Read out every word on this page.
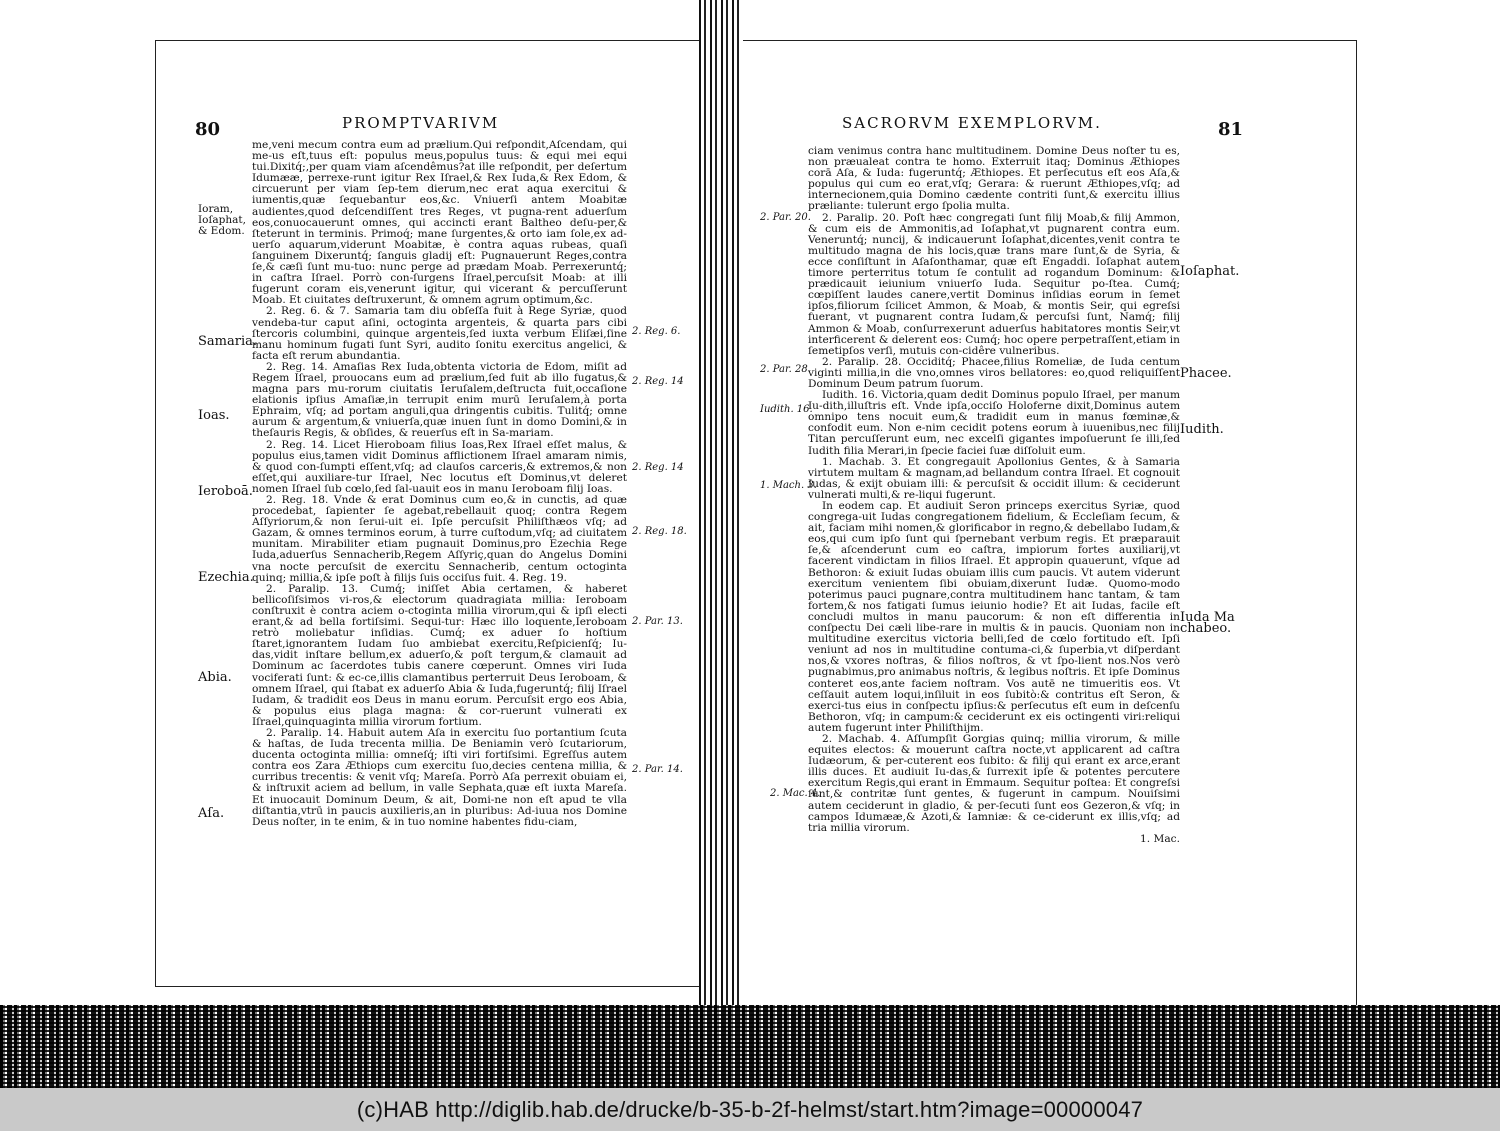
80	PROMPTVARIVM

me,veni mecum contra eum ad prælium.Qui reſpondit,Aſcendam, qui me-us eſt,tuus eſt: populus meus,populus tuus: & equi mei equi tui.Dixitq́;,per quam viam aſcendêmus?at ille reſpondit, per deſertum Idumææ, perrexe-runt igitur Rex Iſrael,& Rex Iuda,& Rex Edom, & circuerunt per viam ſep-tem dierum,nec erat aqua exercitui & iumentis,quæ ſequebantur eos,&c. Vniuerſi antem Moabitæ audientes,quod deſcendiſſent tres Reges, vt pugna-rent aduerſum eos,conuocauerunt omnes, qui accincti erant Baltheo deſu-per,& ſteterunt in terminis. Primoq́; mane ſurgentes,& orto iam ſole,ex ad-uerſo aquarum,viderunt Moabitæ, è contra aquas rubeas, quaſi ſanguinem Dixeruntq́; ſanguis gladij eſt: Pugnauerunt Reges,contra ſe,& cæſi ſunt mu-tuo: nunc perge ad prædam Moab. Perrexeruntq́; in caſtra Iſrael. Porrò con-ſurgens Iſrael,percuſsit Moab: at illi fugerunt coram eis,venerunt igitur, qui vicerant & percuſſerunt Moab. Et ciuitates deſtruxerunt, & omnem agrum optimum,&c.

2. Reg. 6. & 7. Samaria tam diu obſeſſa fuit à Rege Syriæ, quod vendeba-tur caput aſini, octoginta argenteis, & quarta pars cibi ſtercoris columbini, quinque argenteis,ſed iuxta verbum Eliſæi,ſine manu hominum fugati ſunt Syri, audito ſonitu exercitus angelici, & facta eſt rerum abundantia.

2. Reg. 14. Amaſias Rex Iuda,obtenta victoria de Edom, miſit ad Regem Iſrael, prouocans eum ad prælium,ſed fuit ab illo fugatus,& magna pars mu-rorum ciuitatis Ieruſalem,deſtructa fuit,occaſione elationis ipſius Amaſiæ,in terrupit enim murū Ieruſalem,à porta Ephraim, vſq; ad portam anguli,qua dringentis cubitis. Tulitq́; omne aurum & argentum,& vniuerſa,quæ inuen ſunt in domo Domini,& in theſauris Regis, & obſides, & reuerſus eſt in Sa-mariam.

2. Reg. 14. Licet Hieroboam filius Ioas,Rex Iſrael eſſet malus, & populus eius,tamen vidit Dominus afflictionem Iſrael amaram nimis, & quod con-ſumpti eſſent,vſq; ad clauſos carceris,& extremos,& non eſſet,qui auxiliare-tur Iſrael, Nec locutus eſt Dominus,vt deleret nomen Iſrael ſub cœlo,ſed ſal-uauit eos in manu Ieroboam filij Ioas.

2. Reg. 18. Vnde & erat Dominus cum eo,& in cunctis, ad quæ procedebat, ſapienter ſe agebat,rebellauit quoq; contra Regem Aſſyriorum,& non ſerui-uit ei. Ipſe percuſsit Philiſthæos vſq; ad Gazam, & omnes terminos eorum, à turre cuſtodum,vſq; ad ciuitatem munitam. Mirabiliter etiam pugnauit Dominus,pro Ezechia Rege Iuda,aduerſus Sennacherib,Regem Aſſyriç,quan do Angelus Domini vna nocte percuſsit de exercitu Sennacherib, centum octoginta quinq; millia,& ipſe poſt à filijs ſuis occiſus fuit. 4. Reg. 19.

2. Paralip. 13. Cumq́; iniſſet Abia certamen, & haberet bellicoſiſsimos vi-ros,& electorum quadragiata millia: Ieroboam conſtruxit è contra aciem o-ctoginta millia virorum,qui & ipſi electi erant,& ad bella fortiſsimi. Sequi-tur: Hæc illo loquente,Ieroboam retrò moliebatur inſidias. Cumq́; ex aduer ſo hoſtium ſtaret,ignorantem Iudam ſuo ambiebat exercitu,Reſpicienſq́; Iu-das,vidit inſtare bellum,ex aduerſo,& poſt tergum,& clamauit ad Dominum ac ſacerdotes tubis canere cœperunt. Omnes viri Iuda vociferati ſunt: & ec-ce,illis clamantibus perterruit Deus Ieroboam, & omnem Iſrael, qui ſtabat ex aduerſo Abia & Iuda,fugeruntq́; filij Iſrael Iudam, & tradidit eos Deus in manu eorum. Percuſsit ergo eos Abia, & populus eius plaga magna: & cor-ruerunt vulnerati ex Iſrael,quinquaginta millia virorum fortium.

2. Paralip. 14. Habuit autem Aſa in exercitu ſuo portantium ſcuta & haſtas, de Iuda trecenta millia. De Beniamin verò ſcutariorum, ducenta octoginta millia: omneſq́; iſti viri fortiſsimi. Egreſſus autem contra eos Zara Æthiops cum exercitu ſuo,decies centena millia, & curribus trecentis: & venit vſq; Mareſa. Porrò Aſa perrexit obuiam ei, & inſtruxit aciem ad bellum, in valle Sephata,quæ eſt iuxta Mareſa. Et inuocauit Dominum Deum, & ait, Domi-ne non eſt apud te vlla diſtantia,vtrū in paucis auxilieris,an in pluribus: Ad-iuua nos Domine Deus noſter, in te enim, & in tuo nomine habentes fidu-ciam,

Ioram, Ioſaphat, & Edom.
Samaria.
Ioas.
Ieroboā.
Ezechia.
Abia.
Aſa.
2. Reg. 6.
2. Reg. 14
2. Reg. 14
2. Reg. 18.
2. Par. 13.
2. Par. 14.
SACRORVM EXEMPLORVM.	81

ciam venimus contra hanc multitudinem. Domine Deus noſter tu es, non præualeat contra te homo. Exterruit itaq; Dominus Æthiopes corā Aſa, & Iuda: fugeruntq́; Æthiopes. Et perſecutus eſt eos Aſa,& populus qui cum eo erat,vſq; Gerara: & ruerunt Æthiopes,vſq; ad internecionem,quia Domino cædente contriti ſunt,& exercitu illius præliante: tulerunt ergo ſpolia multa.

2. Paralip. 20. Poſt hæc congregati ſunt filij Moab,& filij Ammon, & cum eis de Ammonitis,ad Ioſaphat,vt pugnarent contra eum. Veneruntq́; nuncij, & indicauerunt Ioſaphat,dicentes,venit contra te multitudo magna de his locis,quæ trans mare ſunt,& de Syria, & ecce conſiſtunt in Aſaſonthamar, quæ eſt Engaddi. Ioſaphat autem timore perterritus totum ſe contulit ad rogandum Dominum: & prædicauit ieiunium vniuerſo Iuda. Sequitur po-ſtea. Cumq́; cœpiſſent laudes canere,vertit Dominus inſidias eorum in ſemet ipſos,filiorum ſcilicet Ammon, & Moab, & montis Seir, qui egreſsi fuerant, vt pugnarent contra Iudam,& percuſsi ſunt, Namq́; filij Ammon & Moab, conſurrexerunt aduerſus habitatores montis Seir,vt interficerent & delerent eos: Cumq́; hoc opere perpetraſſent,etiam in ſemetipſos verſi, mutuis con-cidêre vulneribus.

2. Paralip. 28. Occiditq́; Phacee,filius Romeliæ, de Iuda centum viginti millia,in die vno,omnes viros bellatores: eo,quod reliquiſſent Dominum Deum patrum ſuorum.

Iudith. 16. Victoria,quam dedit Dominus populo Iſrael, per manum Iu-dith,illuſtris eſt. Vnde ipſa,occiſo Holoferne dixit,Dominus autem omnipo tens nocuit eum,& tradidit eum in manus fœminæ,& confodit eum. Non e-nim cecidit potens eorum à iuuenibus,nec filij Titan percuſſerunt eum, nec excelſi gigantes impoſuerunt ſe illi,ſed Iudith filia Merari,in ſpecie faciei ſuæ diſſoluit eum.

1. Machab. 3. Et congregauit Apollonius Gentes, & à Samaria virtutem multam & magnam,ad bellandum contra Iſrael. Et cognouit Iudas, & exijt obuiam illi: & percuſsit & occidit illum: & ceciderunt vulnerati multi,& re-liqui fugerunt.

In eodem cap. Et audiuit Seron princeps exercitus Syriæ, quod congrega-uit Iudas congregationem fidelium, & Eccleſiam ſecum, & ait, faciam mihi nomen,& glorificabor in regno,& debellabo Iudam,& eos,qui cum ipſo ſunt qui ſpernebant verbum regis. Et præparauit ſe,& aſcenderunt cum eo caſtra, impiorum fortes auxiliarij,vt facerent vindictam in filios Iſrael. Et appropin quauerunt, vſque ad Bethoron: & exiuit Iudas obuiam illis cum paucis. Vt autem viderunt exercitum venientem ſibi obuiam,dixerunt Iudæ. Quomo-modo poterimus pauci pugnare,contra multitudinem hanc tantam, & tam fortem,& nos fatigati ſumus ieiunio hodie? Et ait Iudas, facile eſt concludi multos in manu paucorum: & non eſt differentia in conſpectu Dei cæli libe-rare in multis & in paucis. Quoniam non in multitudine exercitus victoria belli,ſed de cœlo fortitudo eſt. Ipſi veniunt ad nos in multitudine contuma-ci,& ſuperbia,vt diſperdant nos,& vxores noſtras, & filios noſtros, & vt ſpo-lient nos.Nos verò pugnabimus,pro animabus noſtris, & legibus noſtris. Et ipſe Dominus conteret eos,ante faciem noſtram. Vos autē ne timueritis eos. Vt ceſſauit autem loqui,inſiluit in eos ſubitò:& contritus eſt Seron, & exerci-tus eius in conſpectu ipſius:& perſecutus eſt eum in deſcenſu Bethoron, vſq; in campum:& ceciderunt ex eis octingenti viri:reliqui autem fugerunt inter Philiſthijm.

2. Machab. 4. Aſſumpſit Gorgias quinq; millia virorum, & mille equites electos: & mouerunt caſtra nocte,vt applicarent ad caſtra Iudæorum, & per-cuterent eos ſubito: & filij qui erant ex arce,erant illis duces. Et audiuit Iu-das,& ſurrexit ipſe & potentes percutere exercitum Regis,qui erant in Emmaum. Sequitur poſtea: Et congreſsi ſunt,& contritæ ſunt gentes, & fugerunt in campum. Nouiſsimi autem ceciderunt in gladio, & per-ſecuti ſunt eos Gezeron,& vſq; in campos Idumææ,& Azoti,& Iamniæ: & ce-ciderunt ex illis,vſq; ad tria millia virorum.

1. Mac.

2. Par. 20.
2. Par. 28.
Iudith. 16.
1. Mach. 3.
2. Mac. 4.
Ioſaphat.
Phacee.
Iudith.
Iuda Ma chabeo.
(c)HAB http://diglib.hab.de/drucke/b-35-b-2f-helmst/start.htm?image=00000047
